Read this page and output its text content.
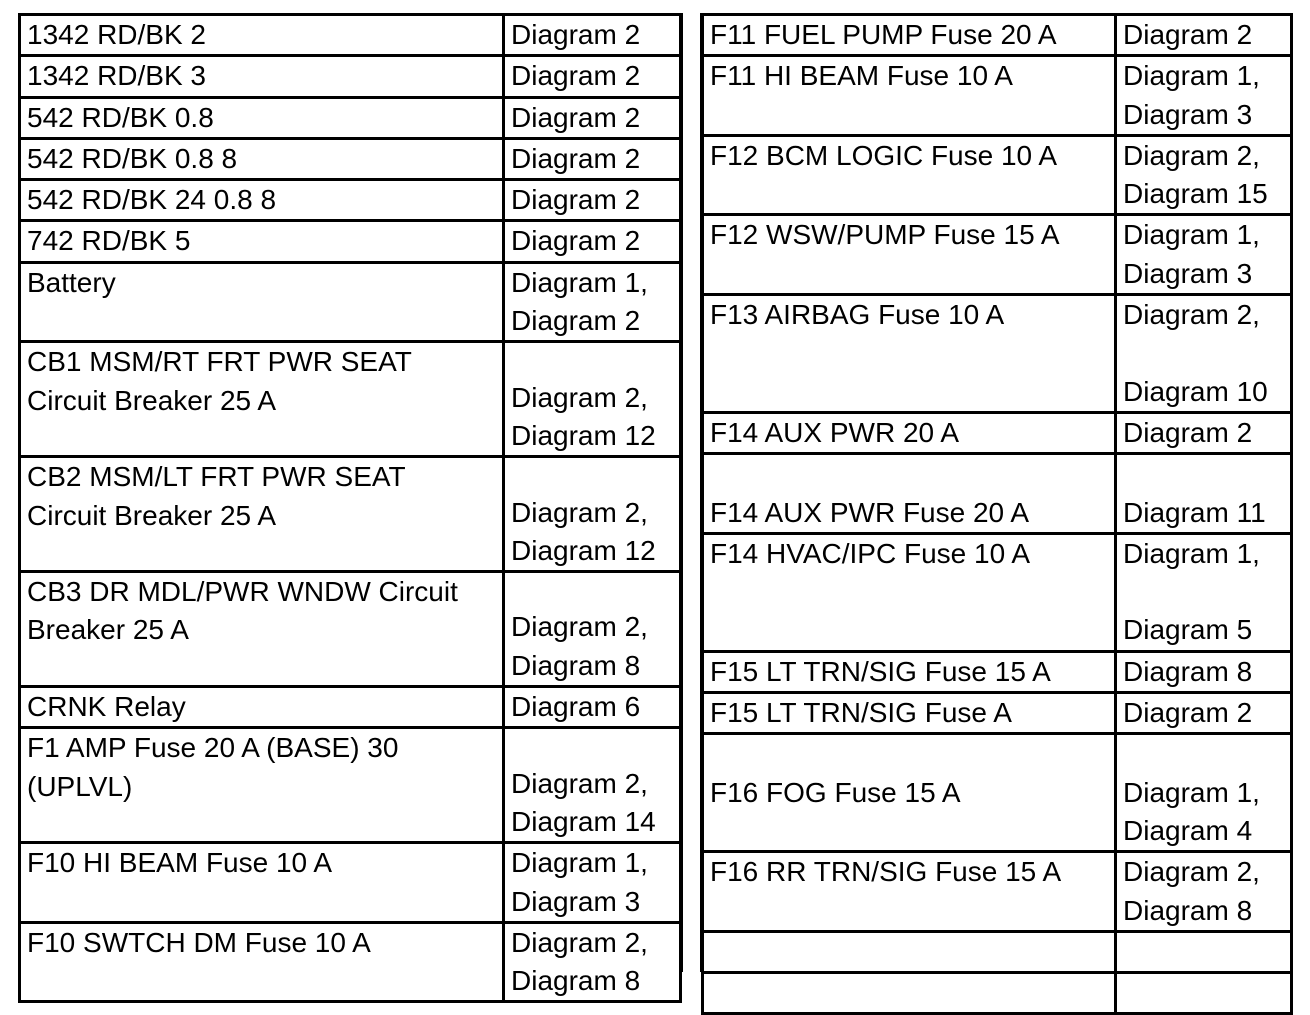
1342 RD/BK 2	Diagram 2

1342 RD/BK 3	Diagram 2

542 RD/BK 0.8	Diagram 2

542 RD/BK 0.8 8	Diagram 2

542 RD/BK 24 0.8 8	Diagram 2

742 RD/BK 5	Diagram 2

Battery	Diagram 1,
Diagram 2

CB1 MSM/RT FRT PWR SEAT
Circuit Breaker 25 A	Diagram 2,
Diagram 12

CB2 MSM/LT FRT PWR SEAT
Circuit Breaker 25 A	Diagram 2,
Diagram 12

CB3 DR MDL/PWR WNDW Circuit
Breaker 25 A	Diagram 2,
Diagram 8

CRNK Relay	Diagram 6

F1 AMP Fuse 20 A (BASE) 30
(UPLVL)	Diagram 2,
Diagram 14

F10 HI BEAM Fuse 10 A	Diagram 1,
Diagram 3

F10 SWTCH DM Fuse 10 A	Diagram 2,
Diagram 8
F11 FUEL PUMP Fuse 20 A	Diagram 2

F11 HI BEAM Fuse 10 A	Diagram 1,
Diagram 3

F12 BCM LOGIC Fuse 10 A	Diagram 2,
Diagram 15

F12 WSW/PUMP Fuse 15 A	Diagram 1,
Diagram 3

F13 AIRBAG Fuse 10 A	Diagram 2,

Diagram 10

F14 AUX PWR 20 A	Diagram 2

F14 AUX PWR Fuse 20 A	Diagram 11

F14 HVAC/IPC Fuse 10 A	Diagram 1,

Diagram 5

F15 LT TRN/SIG Fuse 15 A	Diagram 8

F15 LT TRN/SIG Fuse A	Diagram 2

F16 FOG Fuse 15 A	Diagram 1,
Diagram 4

F16 RR TRN/SIG Fuse 15 A	Diagram 2,
Diagram 8
